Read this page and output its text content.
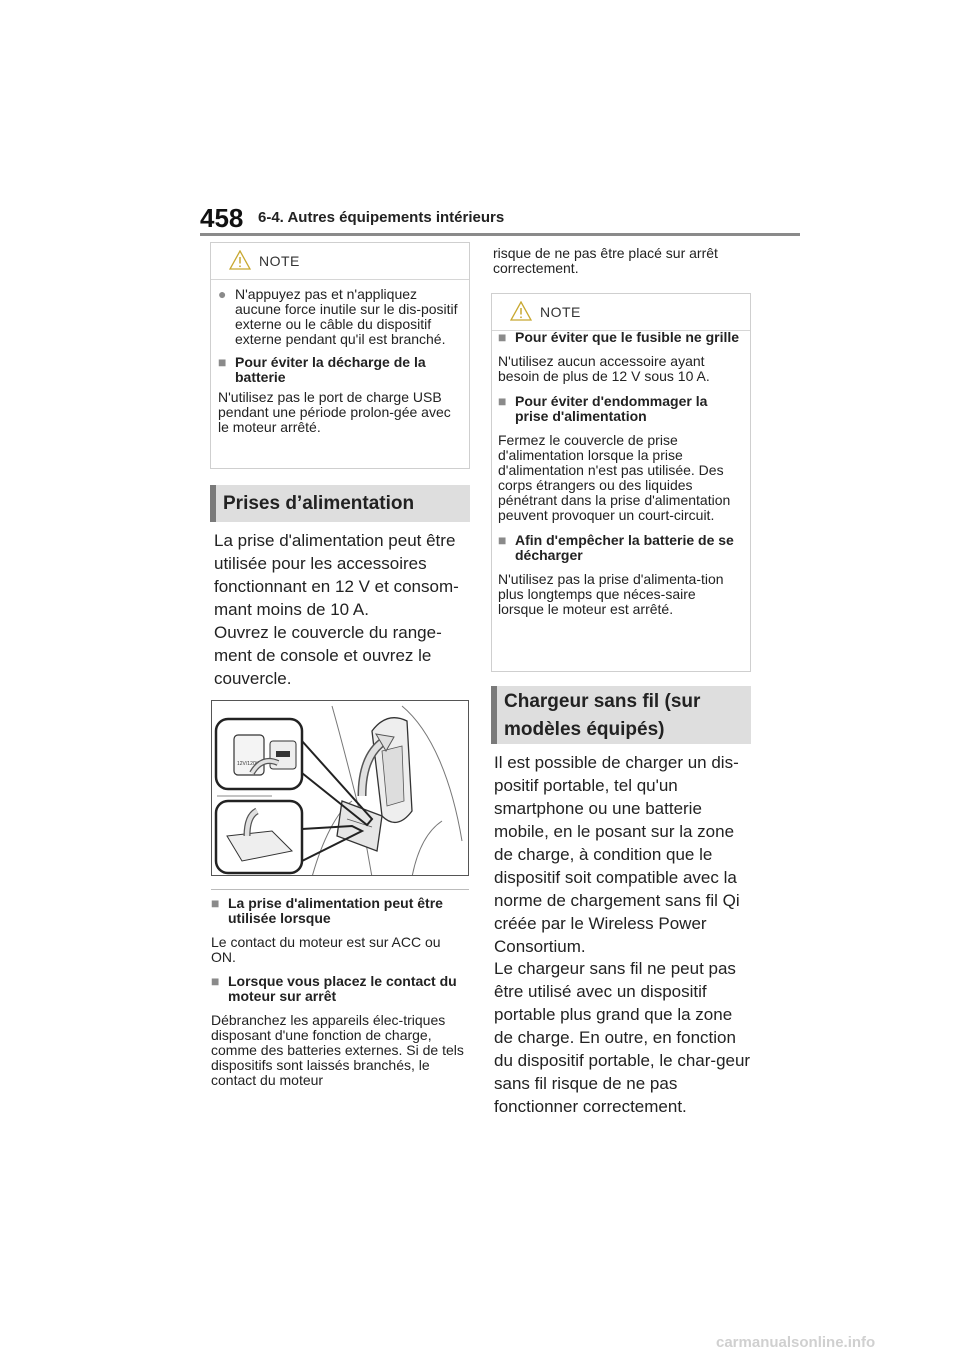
458 6-4. Autres équipements intérieurs
NOTE
● N'appuyez pas et n'appliquez aucune force inutile sur le dis-positif externe ou le câble du dispositif externe pendant qu'il est branché.
■ Pour éviter la décharge de la batterie
N'utilisez pas le port de charge USB pendant une période prolon-gée avec le moteur arrêté.
Prises d’alimentation
La prise d'alimentation peut être utilisée pour les accessoires fonctionnant en 12 V et consom-mant moins de 10 A.
Ouvrez le couvercle du range-ment de console et ouvrez le couvercle.
12V/120W
■ La prise d'alimentation peut être utilisée lorsque
Le contact du moteur est sur ACC ou ON.
■ Lorsque vous placez le contact du moteur sur arrêt
Débranchez les appareils élec-triques disposant d'une fonction de charge, comme des batteries externes. Si de tels dispositifs sont laissés branchés, le contact du moteur
risque de ne pas être placé sur arrêt correctement.
NOTE
■ Pour éviter que le fusible ne grille
N'utilisez aucun accessoire ayant besoin de plus de 12 V sous 10 A.
■ Pour éviter d'endommager la prise d'alimentation
Fermez le couvercle de prise d'alimentation lorsque la prise d'alimentation n'est pas utilisée. Des corps étrangers ou des liquides pénétrant dans la prise d'alimentation peuvent provoquer un court-circuit.
■ Afin d'empêcher la batterie de se décharger
N'utilisez pas la prise d'alimenta-tion plus longtemps que néces-saire lorsque le moteur est arrêté.
Chargeur sans fil (sur
modèles équipés)
Il est possible de charger un dis-positif portable, tel qu'un smartphone ou une batterie mobile, en le posant sur la zone de charge, à condition que le dispositif soit compatible avec la norme de chargement sans fil Qi créée par le Wireless Power Consortium.
Le chargeur sans fil ne peut pas être utilisé avec un dispositif portable plus grand que la zone de charge. En outre, en fonction du dispositif portable, le char-geur sans fil risque de ne pas fonctionner correctement.
carmanualsonline.info
